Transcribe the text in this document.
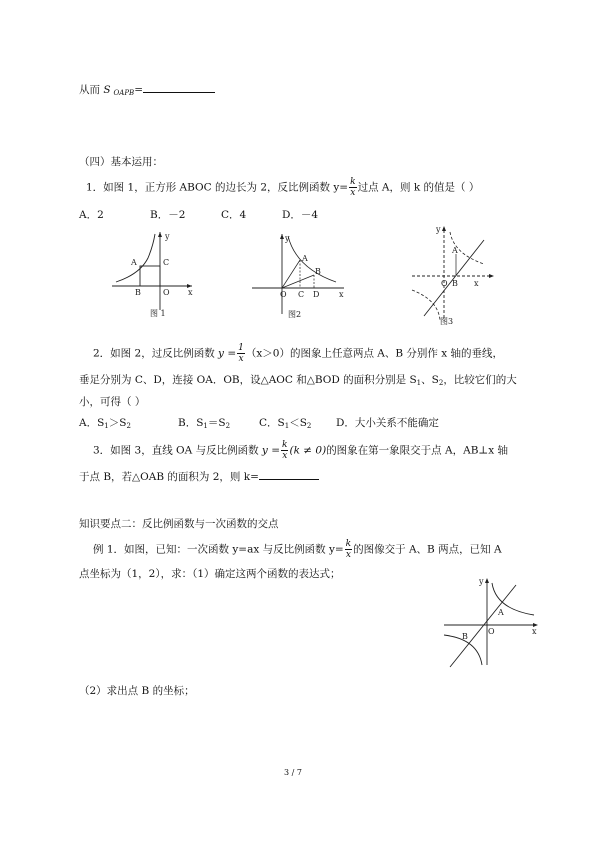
从而 S $_{OAPB}$=
（四）基本运用：
1．如图 1，正方形 ABOC 的边长为 2，反比例函数 $y= \frac{k}{x}$ 过点 A，则 k 的值是（ ）
A．2	B．－2	C．4	D．－4
A	C
B	O x
y
图 1
y
A
B
O C D x
图2
y
A
O B x
图3
2．如图 2，过反比例函数 $y = \frac{1}{x} (x>0)$的图象上任意两点 A、B 分别作 x 轴的垂线，
垂足分别为 C、D，连接 OA．OB，设△AOC 和△BOD 的面积分别是 $S_1$、$S_2$，比较它们的大
小，可得（ ）
A．$S_1>S_2$	B．$S_1=S_2$	C．$S_1<S_2$ D．大小关系不能确定
3．如图 3，直线 OA 与反比例函数 $y = \frac{k}{x} (k \ne 0)$的图象在第一象限交于点 A，AB⊥x 轴
于点 B，若△OAB 的面积为 2，则 k=
知识要点二：反比例函数与一次函数的交点
例 1．如图，已知：一次函数 y=ax 与反比例函数 $y= \frac{k}{x}$ 的图像交于 A、B 两点，已知 A
点坐标为（1，2），求：（1）确定这两个函数的表达式；
y
A
O
B
x
（2）求出点 B 的坐标；
3 / 7
